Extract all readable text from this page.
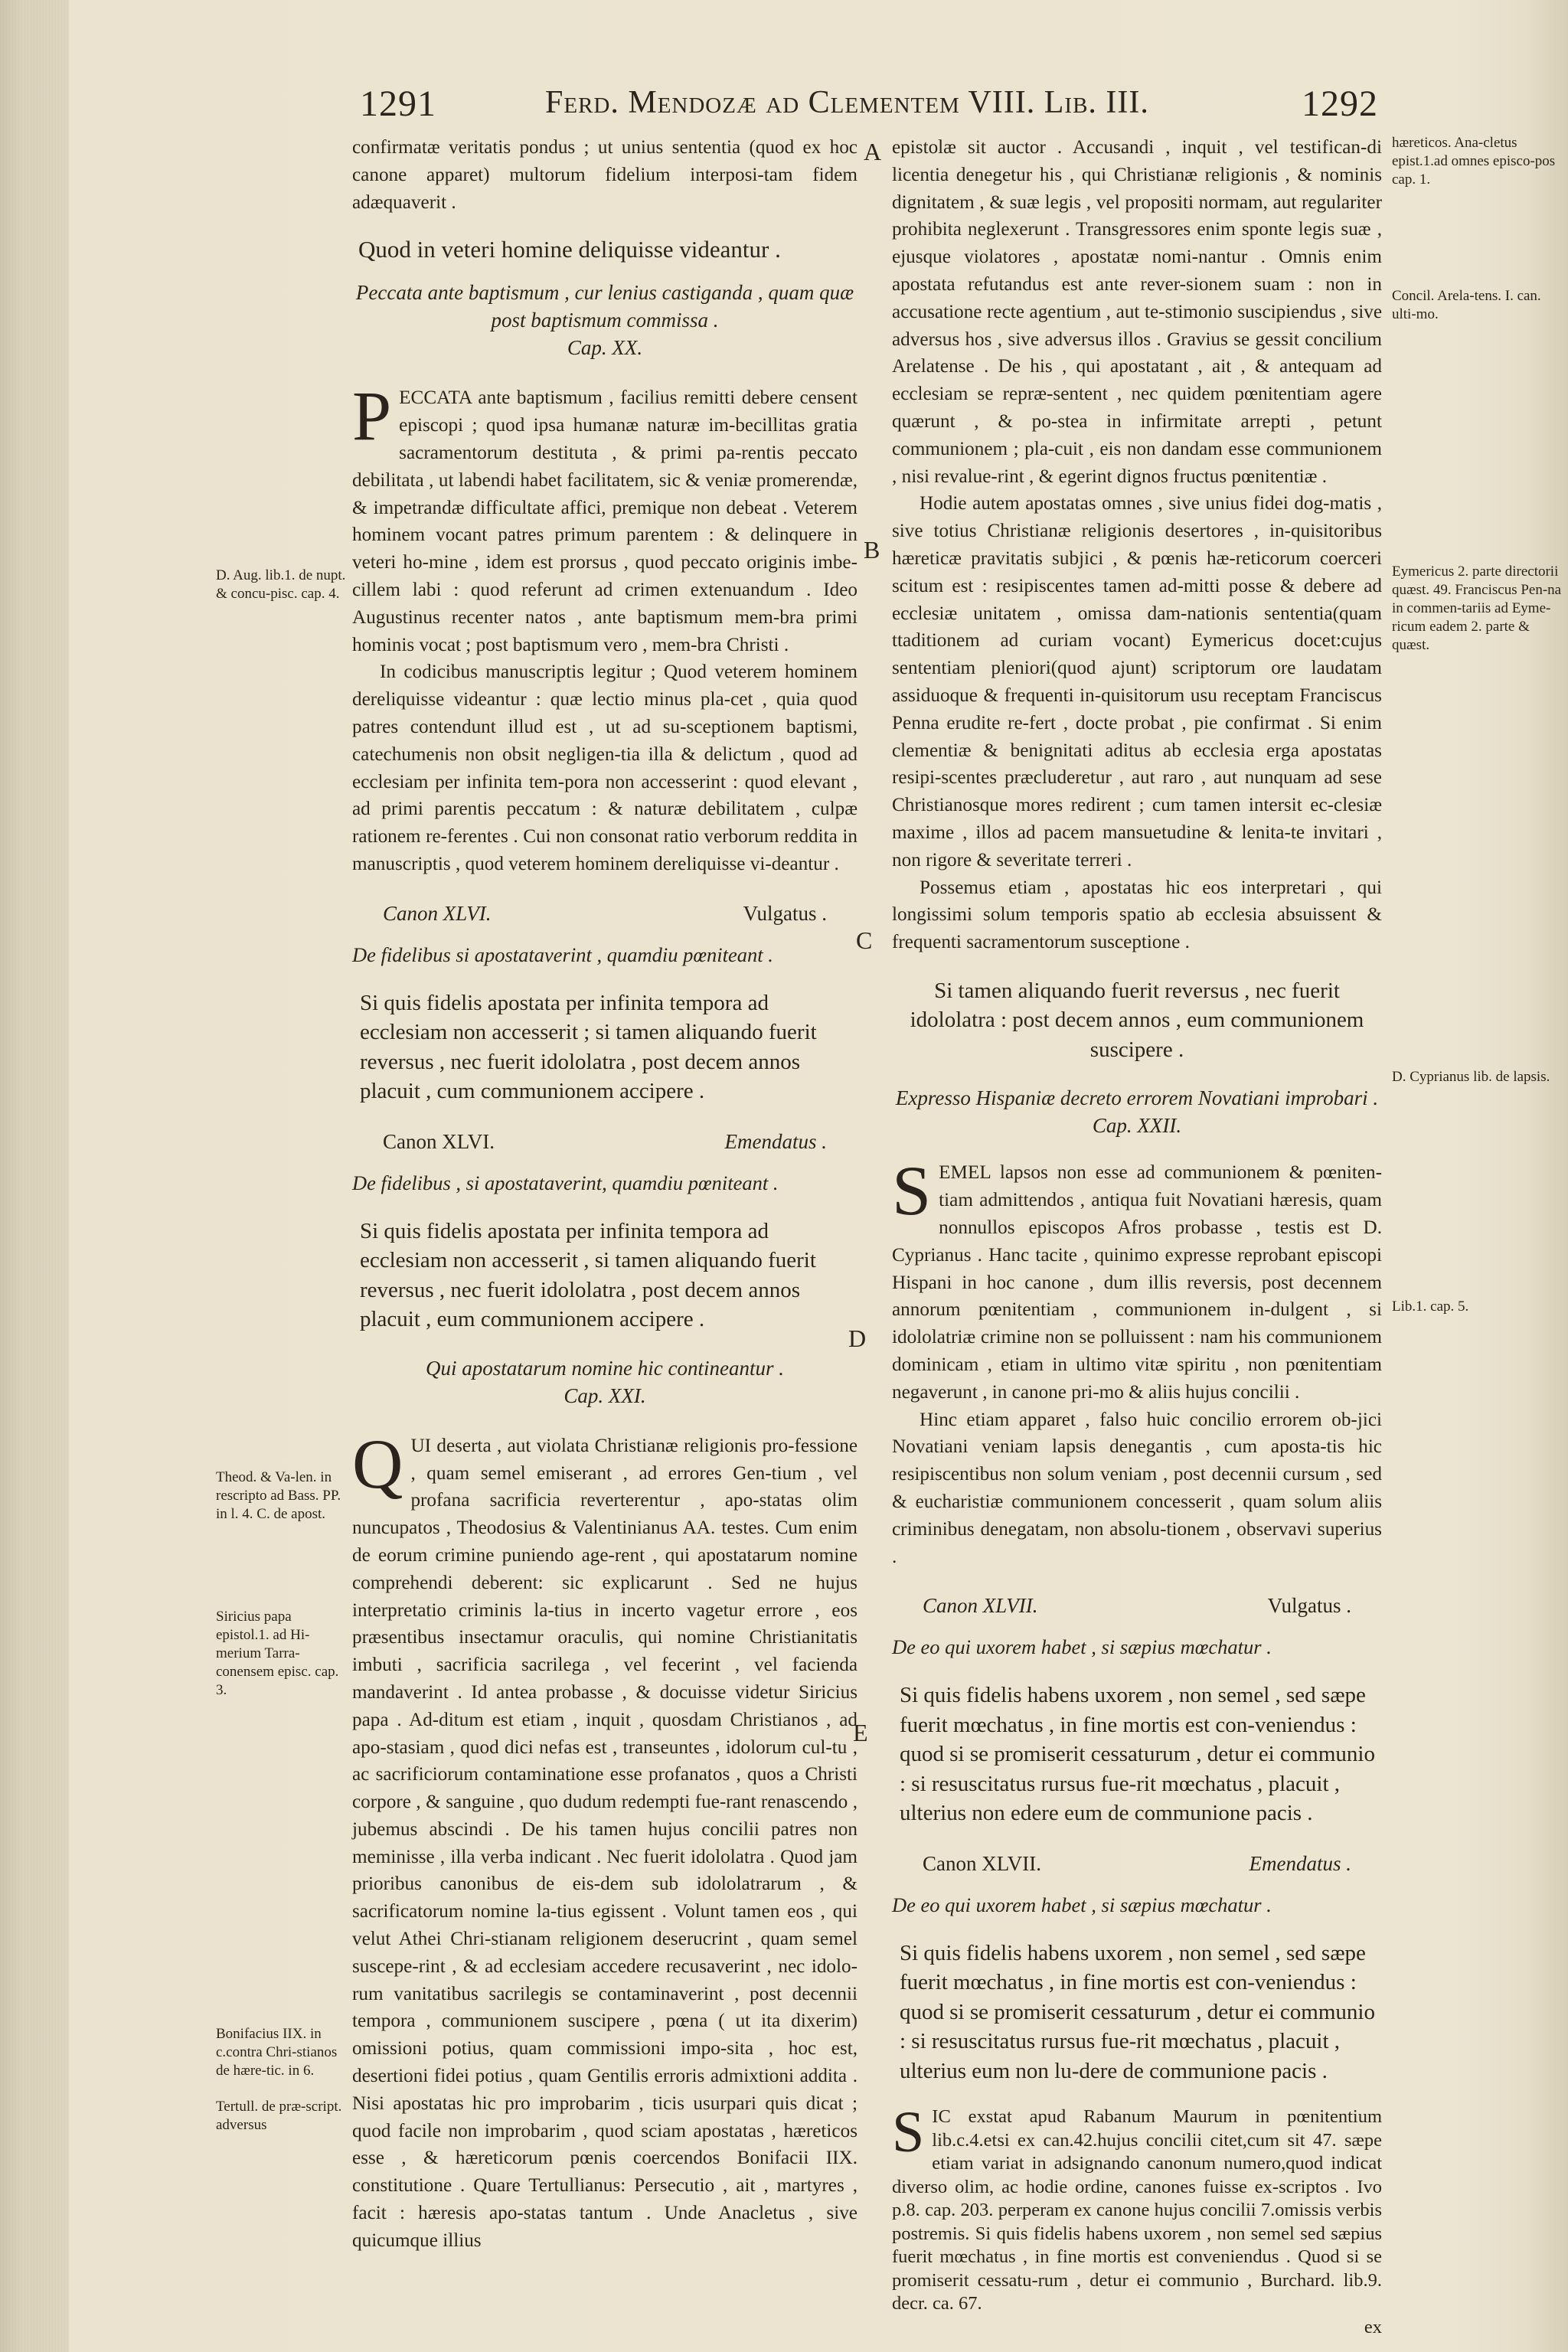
1291	Ferd. Mendozæ ad Clementem VIII. Lib. III.	1292

confirmatæ veritatis pondus ; ut unius sententia (quod ex hoc canone apparet) multorum fidelium interposi-tam fidem adæquaverit .

Quod in veteri homine deliquisse videantur .

Peccata ante baptismum , cur lenius castiganda , quam quæ post baptismum commissa .

Cap. XX.

PECCATA ante baptismum , facilius remitti debere censent episcopi ; quod ipsa humanæ naturæ im-becillitas gratia sacramentorum destituta , & primi pa-rentis peccato debilitata , ut labendi habet facilitatem, sic & veniæ promerendæ, & impetrandæ difficultate affici, premique non debeat . Veterem hominem vocant patres primum parentem : & delinquere in veteri ho-mine , idem est prorsus , quod peccato originis imbe-cillem labi : quod referunt ad crimen extenuandum . Ideo Augustinus recenter natos , ante baptismum mem-bra primi hominis vocat ; post baptismum vero , mem-bra Christi .

In codicibus manuscriptis legitur ; Quod veterem hominem dereliquisse videantur : quæ lectio minus pla-cet , quia quod patres contendunt illud est , ut ad su-sceptionem baptismi, catechumenis non obsit negligen-tia illa & delictum , quod ad ecclesiam per infinita tem-pora non accesserint : quod elevant , ad primi parentis peccatum : & naturæ debilitatem , culpæ rationem re-ferentes . Cui non consonat ratio verborum reddita in manuscriptis , quod veterem hominem dereliquisse vi-deantur .

Canon XLVI.	Vulgatus .

De fidelibus si apostataverint , quamdiu pœniteant .

Si quis fidelis apostata per infinita tempora ad ecclesiam non accesserit ; si tamen aliquando fuerit reversus , nec fuerit idololatra , post decem annos placuit , cum communionem accipere .

Canon XLVI.	Emendatus .

De fidelibus , si apostataverint, quamdiu pœniteant .

Si quis fidelis apostata per infinita tempora ad ecclesiam non accesserit , si tamen aliquando fuerit reversus , nec fuerit idololatra , post decem annos placuit , eum communionem accipere .

Qui apostatarum nomine hic contineantur .

Cap. XXI.

QUI deserta , aut violata Christianæ religionis pro-fessione , quam semel emiserant , ad errores Gen-tium , vel profana sacrificia reverterentur , apo-statas olim nuncupatos , Theodosius & Valentinianus AA. testes. Cum enim de eorum crimine puniendo age-rent , qui apostatarum nomine comprehendi deberent: sic explicarunt . Sed ne hujus interpretatio criminis la-tius in incerto vagetur errore , eos præsentibus insectamur oraculis, qui nomine Christianitatis imbuti , sacrificia sacrilega , vel fecerint , vel facienda mandaverint . Id antea probasse , & docuisse videtur Siricius papa . Ad-ditum est etiam , inquit , quosdam Christianos , ad apo-stasiam , quod dici nefas est , transeuntes , idolorum cul-tu , ac sacrificiorum contaminatione esse profanatos , quos a Christi corpore , & sanguine , quo dudum redempti fue-rant renascendo , jubemus abscindi . De his tamen hujus concilii patres non meminisse , illa verba indicant . Nec fuerit idololatra . Quod jam prioribus canonibus de eis-dem sub idololatrarum , & sacrificatorum nomine la-tius egissent . Volunt tamen eos , qui velut Athei Chri-stianam religionem deserucrint , quam semel suscepe-rint , & ad ecclesiam accedere recusaverint , nec idolo-rum vanitatibus sacrilegis se contaminaverint , post decennii tempora , communionem suscipere , pœna ( ut ita dixerim) omissioni potius, quam commissioni impo-sita , hoc est, desertioni fidei potius , quam Gentilis erroris admixtioni addita . Nisi apostatas hic pro improbarim , ticis usurpari quis dicat ; quod facile non improbarim , quod sciam apostatas , hæreticos esse , & hæreticorum pœnis coercendos Bonifacii IIX. constitutione . Quare Tertullianus: Persecutio , ait , martyres , facit : hæresis apo-statas tantum . Unde Anacletus , sive quicumque illius

epistolæ sit auctor . Accusandi , inquit , vel testifican-di licentia denegetur his , qui Christianæ religionis , & nominis dignitatem , & suæ legis , vel propositi normam, aut regulariter prohibita neglexerunt . Transgressores enim sponte legis suæ , ejusque violatores , apostatæ nomi-nantur . Omnis enim apostata refutandus est ante rever-sionem suam : non in accusatione recte agentium , aut te-stimonio suscipiendus , sive adversus hos , sive adversus illos . Gravius se gessit concilium Arelatense . De his , qui apostatant , ait , & antequam ad ecclesiam se repræ-sentent , nec quidem pœnitentiam agere quærunt , & po-stea in infirmitate arrepti , petunt communionem ; pla-cuit , eis non dandam esse communionem , nisi revalue-rint , & egerint dignos fructus pœnitentiæ .

Hodie autem apostatas omnes , sive unius fidei dog-matis , sive totius Christianæ religionis desertores , in-quisitoribus hæreticæ pravitatis subjici , & pœnis hæ-reticorum coerceri scitum est : resipiscentes tamen ad-mitti posse & debere ad ecclesiæ unitatem , omissa dam-nationis sententia(quam ttaditionem ad curiam vocant) Eymericus docet:cujus sententiam pleniori(quod ajunt) scriptorum ore laudatam assiduoque & frequenti in-quisitorum usu receptam Franciscus Penna erudite re-fert , docte probat , pie confirmat . Si enim clementiæ & benignitati aditus ab ecclesia erga apostatas resipi-scentes præcluderetur , aut raro , aut nunquam ad sese Christianosque mores redirent ; cum tamen intersit ec-clesiæ maxime , illos ad pacem mansuetudine & lenita-te invitari , non rigore & severitate terreri .

Possemus etiam , apostatas hic eos interpretari , qui longissimi solum temporis spatio ab ecclesia absuissent & frequenti sacramentorum susceptione .

Si tamen aliquando fuerit reversus , nec fuerit idololatra : post decem annos , eum communionem suscipere .

Expresso Hispaniæ decreto errorem Novatiani improbari . Cap. XXII.

SEMEL lapsos non esse ad communionem & pœniten-tiam admittendos , antiqua fuit Novatiani hæresis, quam nonnullos episcopos Afros probasse , testis est D. Cyprianus . Hanc tacite , quinimo expresse reprobant episcopi Hispani in hoc canone , dum illis reversis, post decennem annorum pœnitentiam , communionem in-dulgent , si idololatriæ crimine non se polluissent : nam his communionem dominicam , etiam in ultimo vitæ spiritu , non pœnitentiam negaverunt , in canone pri-mo & aliis hujus concilii .

Hinc etiam apparet , falso huic concilio errorem ob-jici Novatiani veniam lapsis denegantis , cum aposta-tis hic resipiscentibus non solum veniam , post decennii cursum , sed & eucharistiæ communionem concesserit , quam solum aliis criminibus denegatam, non absolu-tionem , observavi superius .

Canon XLVII.	Vulgatus .

De eo qui uxorem habet , si sæpius mœchatur .

Si quis fidelis habens uxorem , non semel , sed sæpe fuerit mœchatus , in fine mortis est con-veniendus : quod si se promiserit cessaturum , detur ei communio : si resuscitatus rursus fue-rit mœchatus , placuit , ulterius non edere eum de communione pacis .

Canon XLVII.	Emendatus .

De eo qui uxorem habet , si sæpius mœchatur .

Si quis fidelis habens uxorem , non semel , sed sæpe fuerit mœchatus , in fine mortis est con-veniendus : quod si se promiserit cessaturum , detur ei communio : si resuscitatus rursus fue-rit mœchatus , placuit , ulterius eum non lu-dere de communione pacis .

SIC exstat apud Rabanum Maurum in pœnitentium lib.c.4.etsi ex can.42.hujus concilii citet,cum sit 47. sæpe etiam variat in adsignando canonum numero,quod indicat diverso olim, ac hodie ordine, canones fuisse ex-scriptos . Ivo p.8. cap. 203. perperam ex canone hujus concilii 7.omissis verbis postremis. Si quis fidelis habens uxorem , non semel sed sæpius fuerit mœchatus , in fine mortis est conveniendus . Quod si se promiserit cessatu-rum , detur ei communio , Burchard. lib.9. decr. ca. 67.

ex

D. Aug. lib.1. de nupt. & concu-pisc. cap. 4.
Theod. & Va-len. in rescripto ad Bass. PP. in l. 4. C. de apost.
Siricius papa epistol.1. ad Hi-merium Tarra-conensem episc. cap. 3.
Bonifacius IIX. in c.contra Chri-stianos de hære-tic. in 6.
Tertull. de præ-script. adversus
hæreticos. Ana-cletus epist.1.ad omnes episco-pos cap. 1.
Concil. Arela-tens. I. can. ulti-mo.
Eymericus 2. parte directorii quæst. 49. Franciscus Pen-na in commen-tariis ad Eyme-ricum eadem 2. parte & quæst.
D. Cyprianus lib. de lapsis.
Lib.1. cap. 5.
A
B
C
D
E
